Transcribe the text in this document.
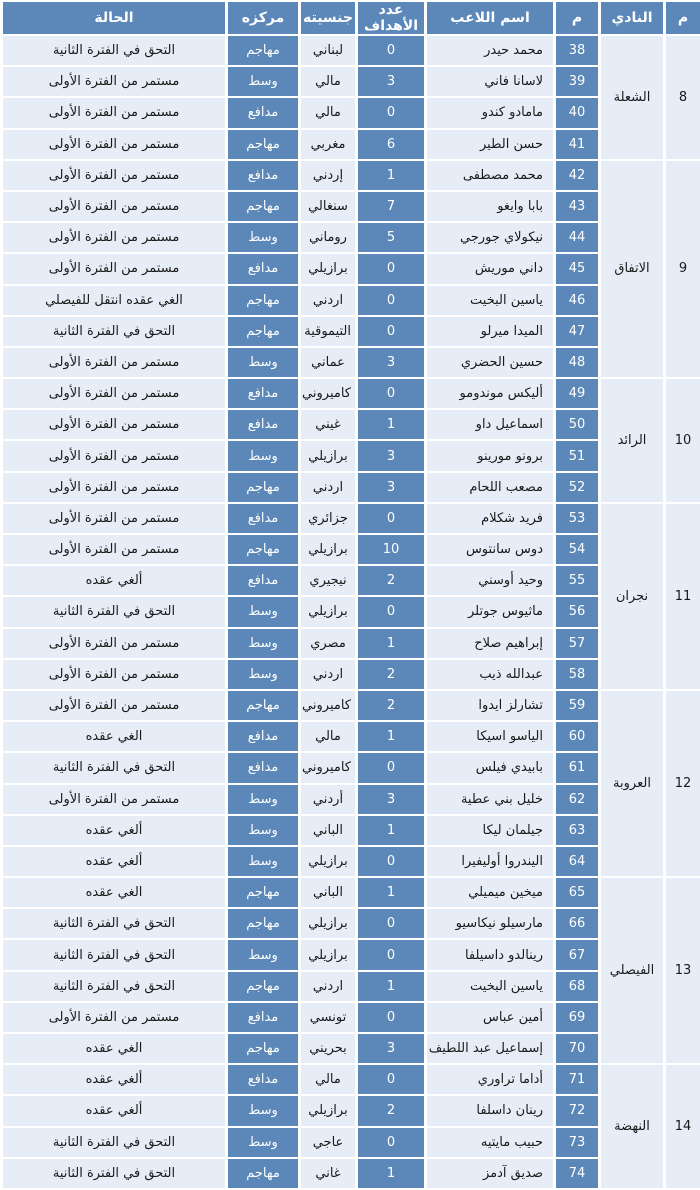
م	النادي	م	اسم اللاعب	عدد الأهداف	جنسيته	مركزه	الحالة
8	الشعلة	38	محمد حيدر	0	لبناني	مهاجم	التحق في الفترة الثانية
		39	لاسانا فاني	3	مالي	وسط	مستمر من الفترة الأولى
		40	مامادو كندو	0	مالي	مدافع	مستمر من الفترة الأولى
		41	حسن الطير	6	مغربي	مهاجم	مستمر من الفترة الأولى
9	الاتفاق	42	محمد مصطفى	1	إردني	مدافع	مستمر من الفترة الأولى
		43	بابا وايغو	7	سنغالي	مهاجم	مستمر من الفترة الأولى
		44	نيكولاي جورجي	5	روماني	وسط	مستمر من الفترة الأولى
		45	داني موريش	0	برازيلي	مدافع	مستمر من الفترة الأولى
		46	ياسين البخيت	0	اردني	مهاجم	الغي عقده انتقل للفيصلي
		47	الميدا ميرلو	0	التيموقية	مهاجم	التحق في الفترة الثانية
		48	حسين الحضري	3	عماني	وسط	مستمر من الفترة الأولى
10	الرائد	49	أليكس موندومو	0	كاميروني	مدافع	مستمر من الفترة الأولى
		50	اسماعيل داو	1	غيني	مدافع	مستمر من الفترة الأولى
		51	برونو مورينو	3	برازيلي	وسط	مستمر من الفترة الأولى
		52	مصعب اللحام	3	اردني	مهاجم	مستمر من الفترة الأولى
11	نجران	53	فريد شكلام	0	جزائري	مدافع	مستمر من الفترة الأولى
		54	دوس سانتوس	10	برازيلي	مهاجم	مستمر من الفترة الأولى
		55	وحيد أوسني	2	نيجيري	مدافع	ألغي عقده
		56	ماثيوس جوتلر	0	برازيلي	وسط	التحق في الفترة الثانية
		57	إبراهيم صلاح	1	مصري	وسط	مستمر من الفترة الأولى
		58	عبدالله ذيب	2	اردني	وسط	مستمر من الفترة الأولى
12	العروبة	59	تشارلز ايدوا	2	كاميروني	مهاجم	مستمر من الفترة الأولى
		60	الياسو اسيكا	1	مالي	مدافع	الغي عقده
		61	بابيدي فيلس	0	كاميروني	مدافع	التحق في الفترة الثانية
		62	خليل بني عطية	3	أردني	وسط	مستمر من الفترة الأولى
		63	جيلمان ليكا	1	الباني	وسط	ألغي عقده
		64	اليندروا أوليفيرا	0	برازيلي	وسط	ألغي عقده
13	الفيصلي	65	ميخين ميميلي	1	الباني	مهاجم	الغي عقده
		66	مارسيلو نيكاسيو	0	برازيلي	مهاجم	التحق في الفترة الثانية
		67	رينالدو داسيلفا	0	برازيلي	وسط	التحق في الفترة الثانية
		68	ياسين البخيت	1	اردني	مهاجم	التحق في الفترة الثانية
		69	أمين عباس	0	تونسي	مدافع	مستمر من الفترة الأولى
		70	إسماعيل عبد اللطيف	3	بحريني	مهاجم	الغي عقده
14	النهضة	71	أداما تراوري	0	مالي	مدافع	ألغي عقده
		72	رينان داسلفا	2	برازيلي	وسط	ألغي عقده
		73	حبيب مايتيه	0	عاجي	وسط	التحق في الفترة الثانية
		74	صديق آدمز	1	غاني	مهاجم	التحق في الفترة الثانية
